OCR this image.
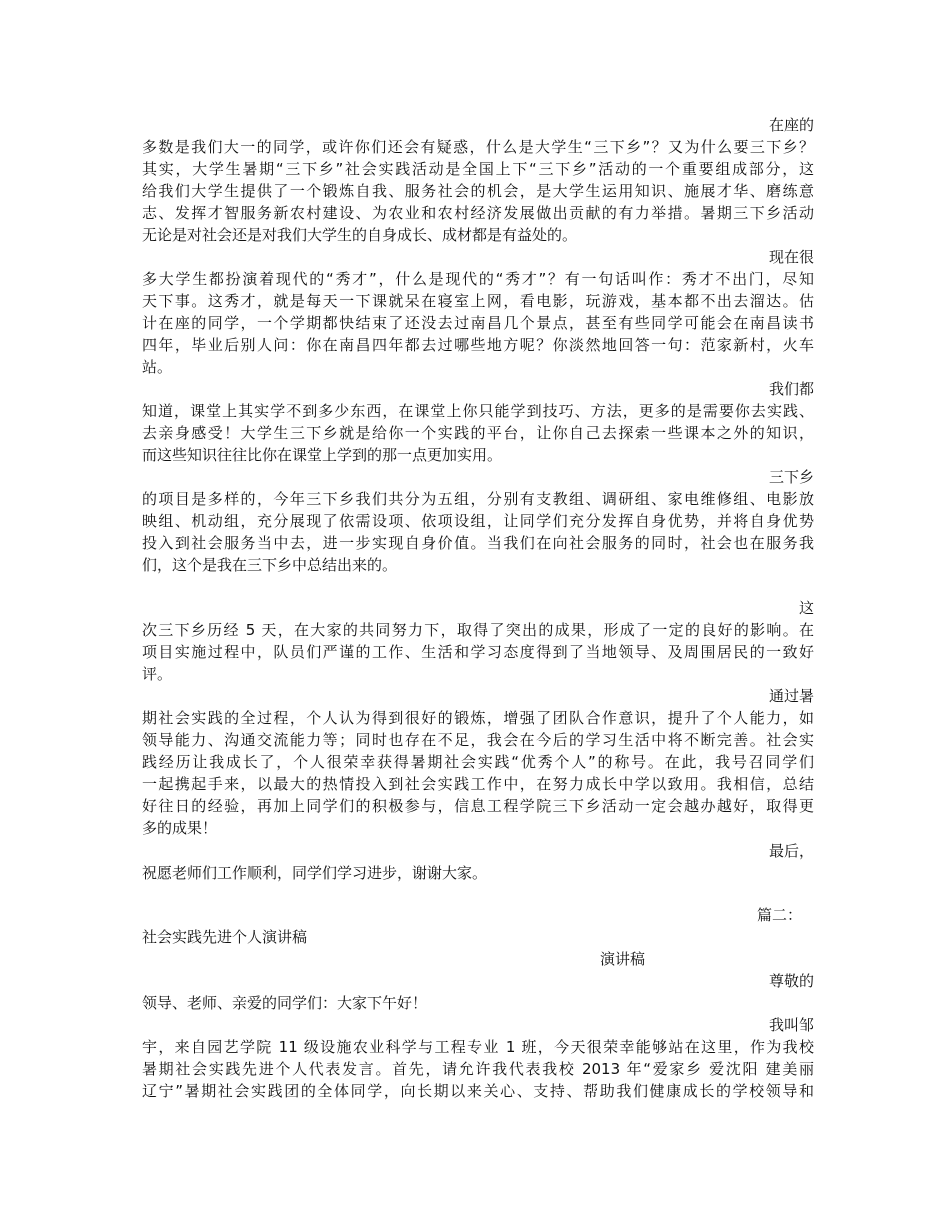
在座的

多数是我们大一的同学，或许你们还会有疑惑，什么是大学生“三下乡”？又为什么要三下乡？

其实，大学生暑期“三下乡”社会实践活动是全国上下“三下乡”活动的一个重要组成部分，这

给我们大学生提供了一个锻炼自我、服务社会的机会，是大学生运用知识、施展才华、磨练意

志、发挥才智服务新农村建设、为农业和农村经济发展做出贡献的有力举措。暑期三下乡活动

无论是对社会还是对我们大学生的自身成长、成材都是有益处的。

现在很

多大学生都扮演着现代的“秀才”，什么是现代的“秀才”？有一句话叫作：秀才不出门，尽知

天下事。这秀才，就是每天一下课就呆在寝室上网，看电影，玩游戏，基本都不出去溜达。估

计在座的同学，一个学期都快结束了还没去过南昌几个景点，甚至有些同学可能会在南昌读书

四年，毕业后别人问：你在南昌四年都去过哪些地方呢？你淡然地回答一句：范家新村，火车

站。

我们都

知道，课堂上其实学不到多少东西，在课堂上你只能学到技巧、方法，更多的是需要你去实践、

去亲身感受！大学生三下乡就是给你一个实践的平台，让你自己去探索一些课本之外的知识，

而这些知识往往比你在课堂上学到的那一点更加实用。

三下乡

的项目是多样的，今年三下乡我们共分为五组，分别有支教组、调研组、家电维修组、电影放

映组、机动组，充分展现了依需设项、依项设组，让同学们充分发挥自身优势，并将自身优势

投入到社会服务当中去，进一步实现自身价值。当我们在向社会服务的同时，社会也在服务我

们，这个是我在三下乡中总结出来的。

这

次三下乡历经 5 天，在大家的共同努力下，取得了突出的成果，形成了一定的良好的影响。在

项目实施过程中，队员们严谨的工作、生活和学习态度得到了当地领导、及周围居民的一致好

评。

通过暑

期社会实践的全过程，个人认为得到很好的锻炼，增强了团队合作意识，提升了个人能力，如

领导能力、沟通交流能力等；同时也存在不足，我会在今后的学习生活中将不断完善。社会实

践经历让我成长了，个人很荣幸获得暑期社会实践“优秀个人”的称号。在此，我号召同学们

一起携起手来，以最大的热情投入到社会实践工作中，在努力成长中学以致用。我相信，总结

好往日的经验，再加上同学们的积极参与，信息工程学院三下乡活动一定会越办越好，取得更

多的成果！

最后，

祝愿老师们工作顺利，同学们学习进步，谢谢大家。

篇二：

社会实践先进个人演讲稿

演讲稿

尊敬的

领导、老师、亲爱的同学们：大家下午好！

我叫邹

宇，来自园艺学院 11 级设施农业科学与工程专业 1 班，今天很荣幸能够站在这里，作为我校

暑期社会实践先进个人代表发言。首先，请允许我代表我校 2013 年“爱家乡 爱沈阳 建美丽

辽宁”暑期社会实践团的全体同学，向长期以来关心、支持、帮助我们健康成长的学校领导和
